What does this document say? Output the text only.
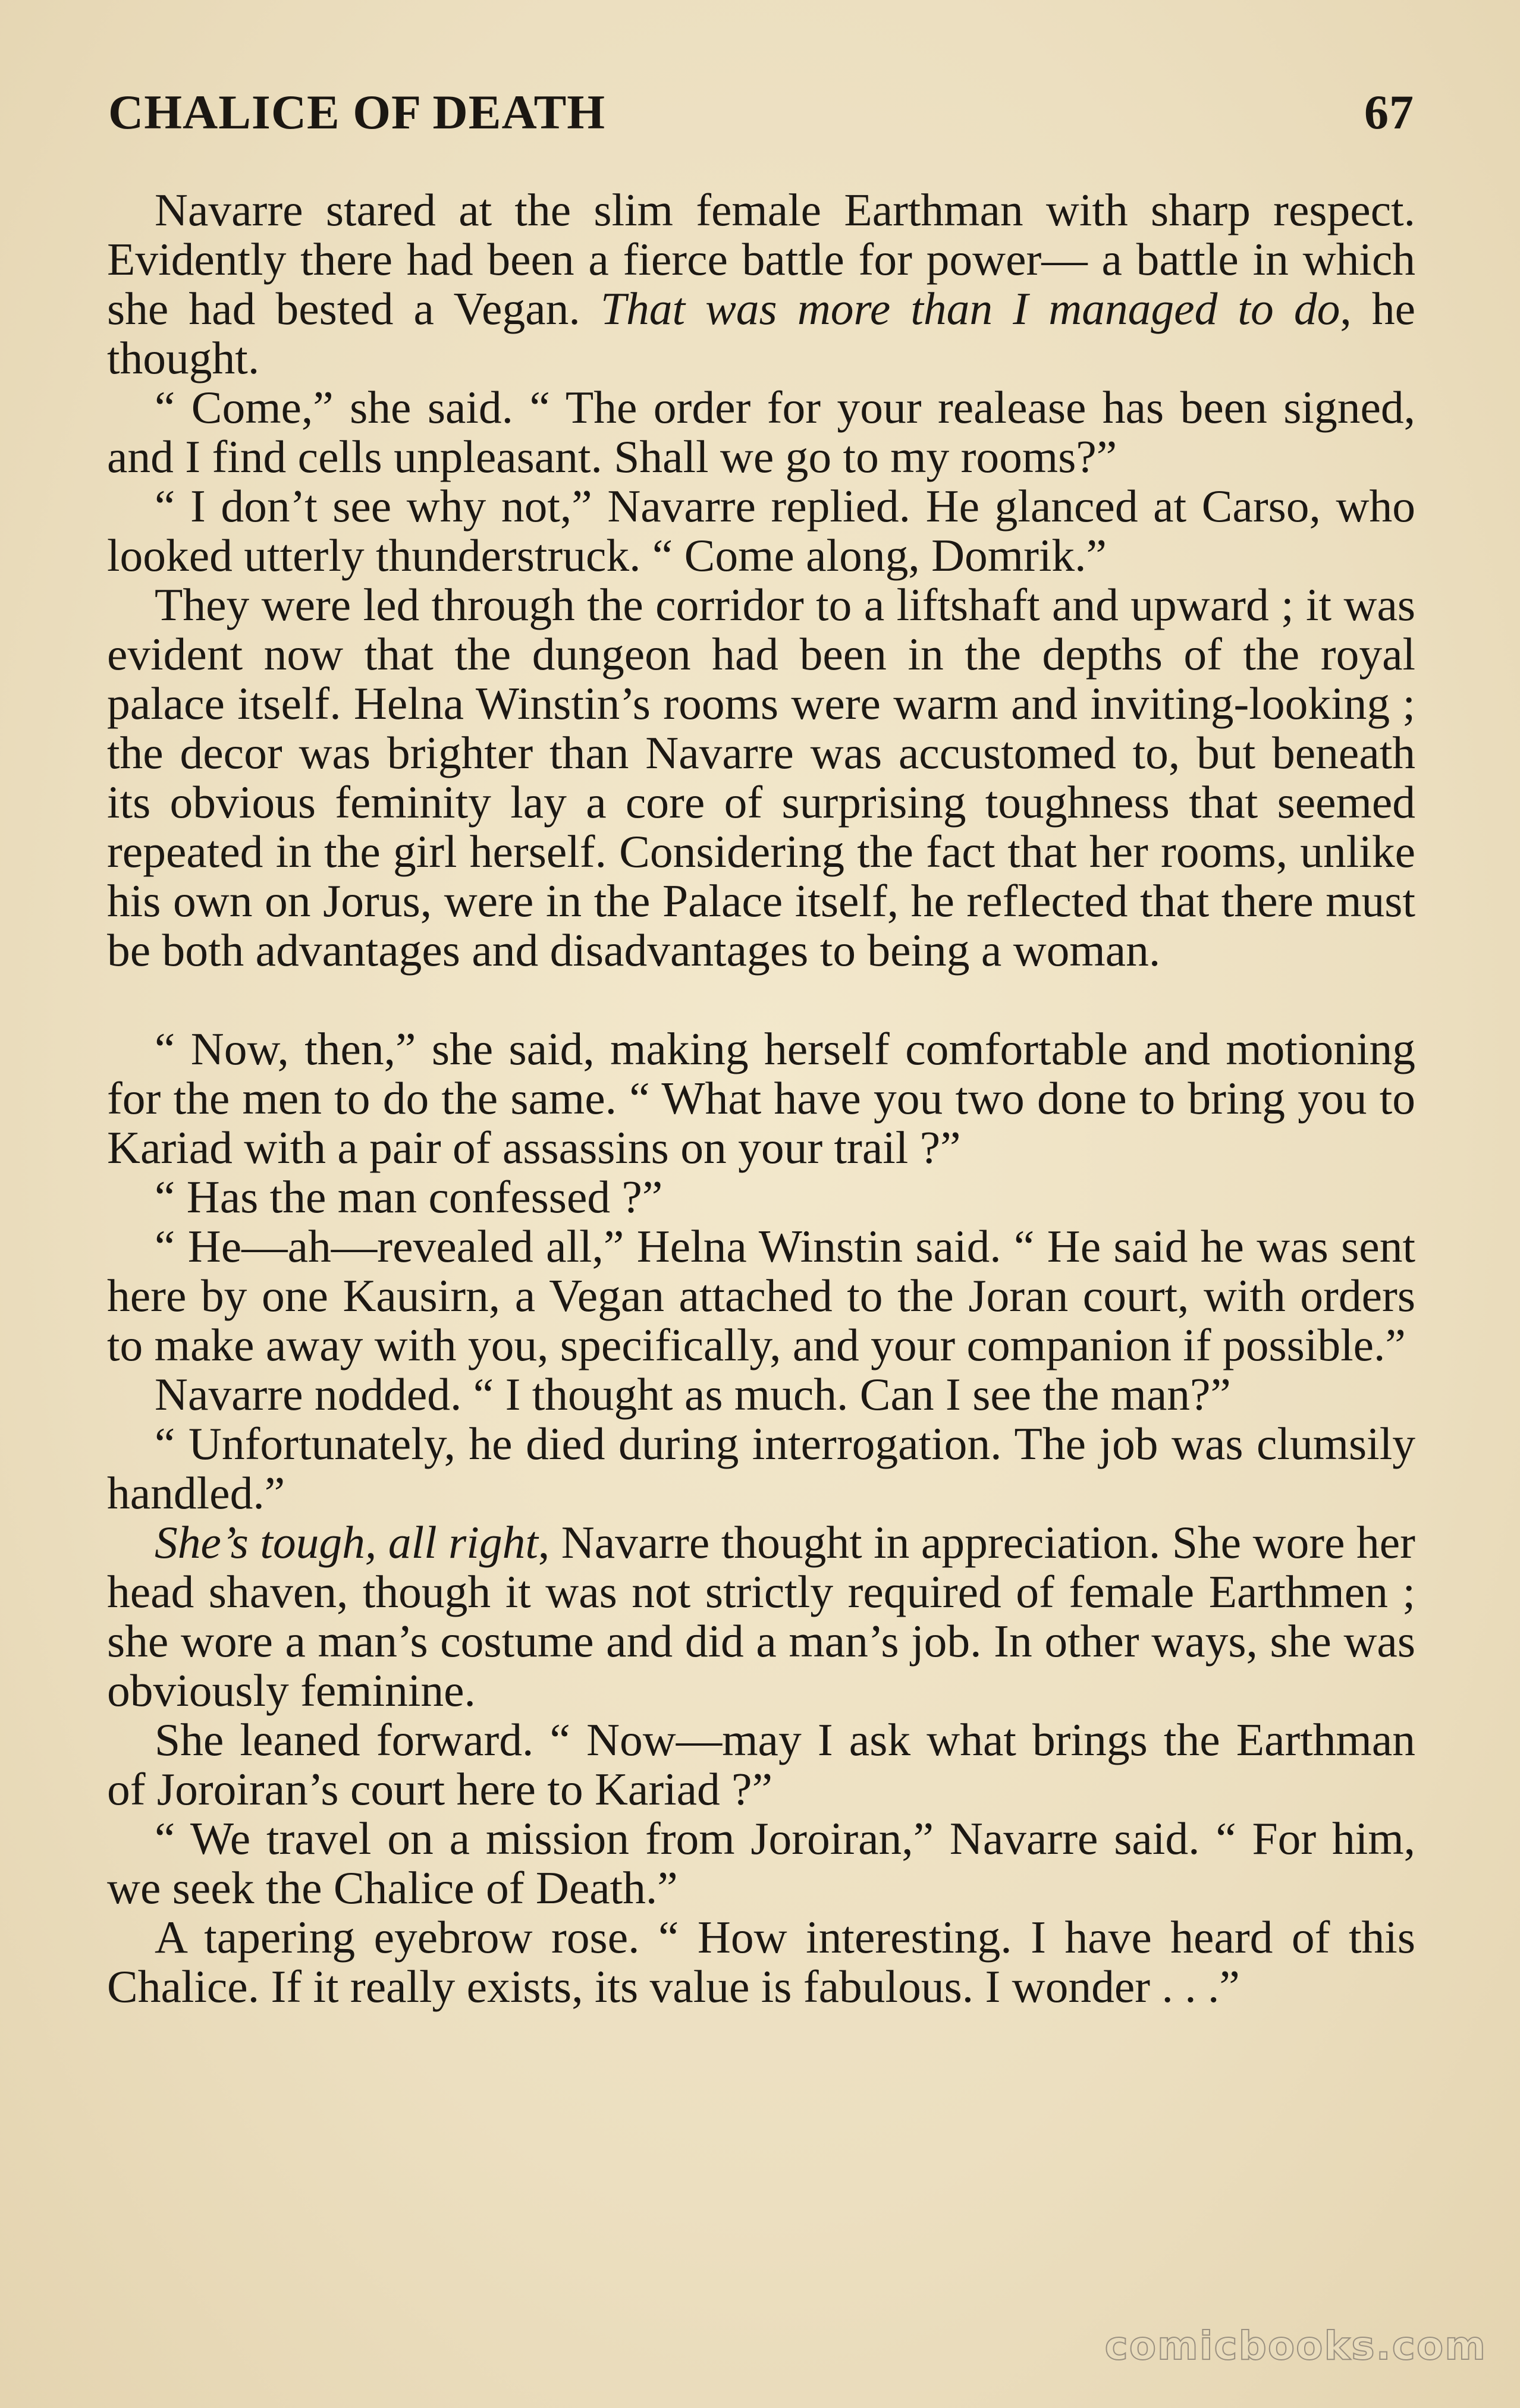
CHALICE OF DEATH	67

Navarre stared at the slim female Earthman with sharp respect. Evidently there had been a fierce battle for power— a battle in which she had bested a Vegan. That was more than I managed to do, he thought.

“ Come,” she said. “ The order for your realease has been signed, and I find cells unpleasant. Shall we go to my rooms?”

“ I don’t see why not,” Navarre replied. He glanced at Carso, who looked utterly thunderstruck. “ Come along, Domrik.”

They were led through the corridor to a liftshaft and upward ; it was evident now that the dungeon had been in the depths of the royal palace itself. Helna Winstin’s rooms were warm and inviting-looking ; the decor was brighter than Navarre was accustomed to, but beneath its obvious feminity lay a core of surprising toughness that seemed repeated in the girl herself. Considering the fact that her rooms, unlike his own on Jorus, were in the Palace itself, he reflected that there must be both advantages and disadvantages to being a woman.

“ Now, then,” she said, making herself comfortable and motioning for the men to do the same. “ What have you two done to bring you to Kariad with a pair of assassins on your trail ?”

“ Has the man confessed ?”

“ He—ah—revealed all,” Helna Winstin said. “ He said he was sent here by one Kausirn, a Vegan attached to the Joran court, with orders to make away with you, specifically, and your companion if possible.”

Navarre nodded. “ I thought as much. Can I see the man?”

“ Unfortunately, he died during interrogation. The job was clumsily handled.”

She’s tough, all right, Navarre thought in appreciation. She wore her head shaven, though it was not strictly required of female Earthmen ; she wore a man’s costume and did a man’s job. In other ways, she was obviously feminine.

She leaned forward. “ Now—may I ask what brings the Earthman of Joroiran’s court here to Kariad ?”

“ We travel on a mission from Joroiran,” Navarre said. “ For him, we seek the Chalice of Death.”

A tapering eyebrow rose. “ How interesting. I have heard of this Chalice. If it really exists, its value is fabulous. I wonder . . .”

comicbooks.com
